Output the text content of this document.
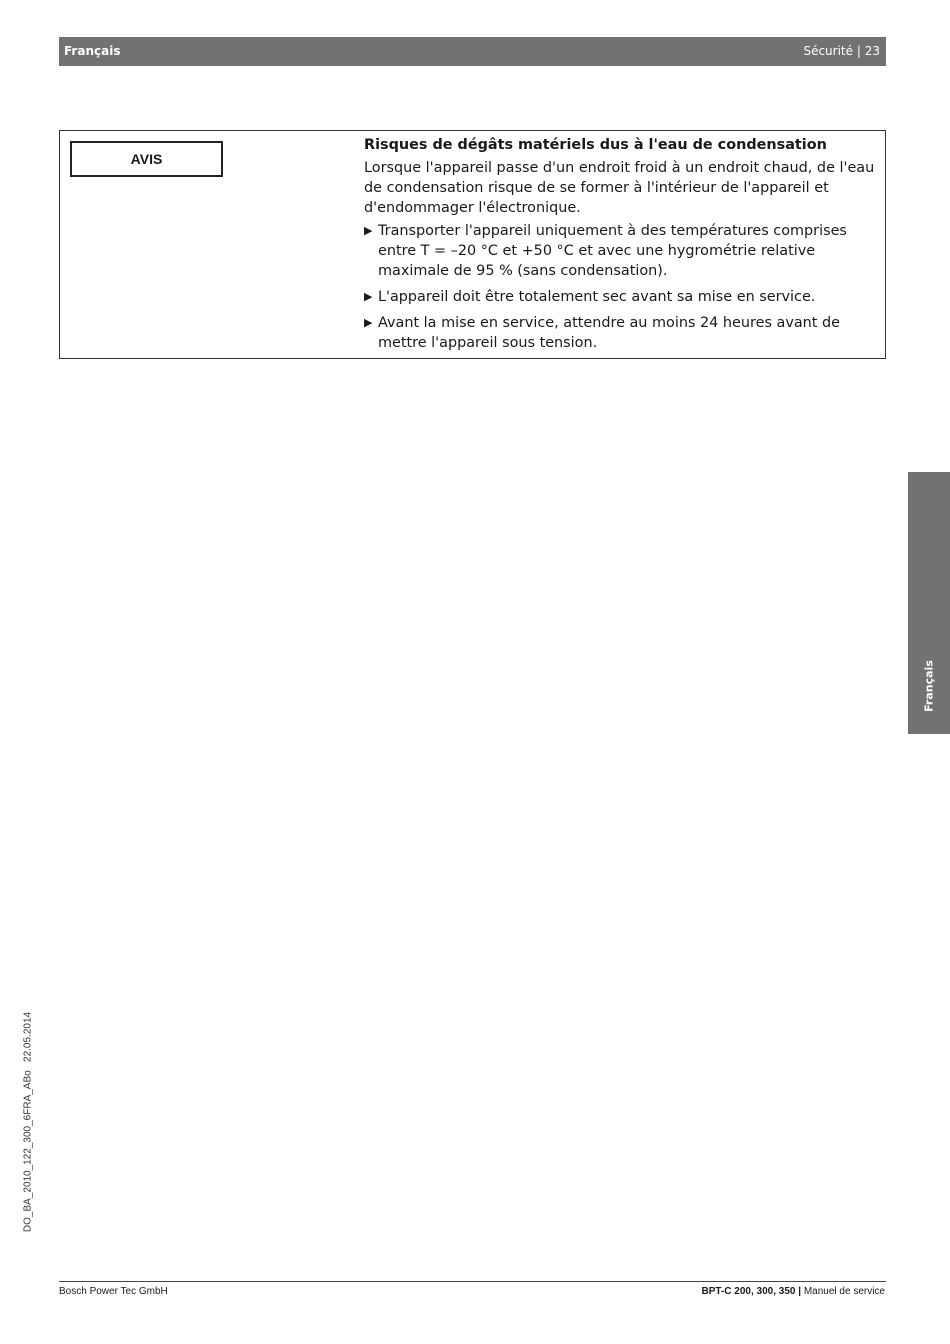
Français	Sécurité | 23
AVIS

Risques de dégâts matériels dus à l'eau de condensation

Lorsque l'appareil passe d'un endroit froid à un endroit chaud, de l'eau de condensation risque de se former à l'intérieur de l'appareil et d'endommager l'électronique.

▶ Transporter l'appareil uniquement à des températures comprises entre T = –20 °C et +50 °C et avec une hygrométrie relative maximale de 95 % (sans condensation).
▶ L'appareil doit être totalement sec avant sa mise en service.
▶ Avant la mise en service, attendre au moins 24 heures avant de mettre l'appareil sous tension.
Français
DO_BA_2010_122_300_6FRA_ABo   22.05.2014
Bosch Power Tec GmbH	BPT-C 200, 300, 350 | Manuel de service
